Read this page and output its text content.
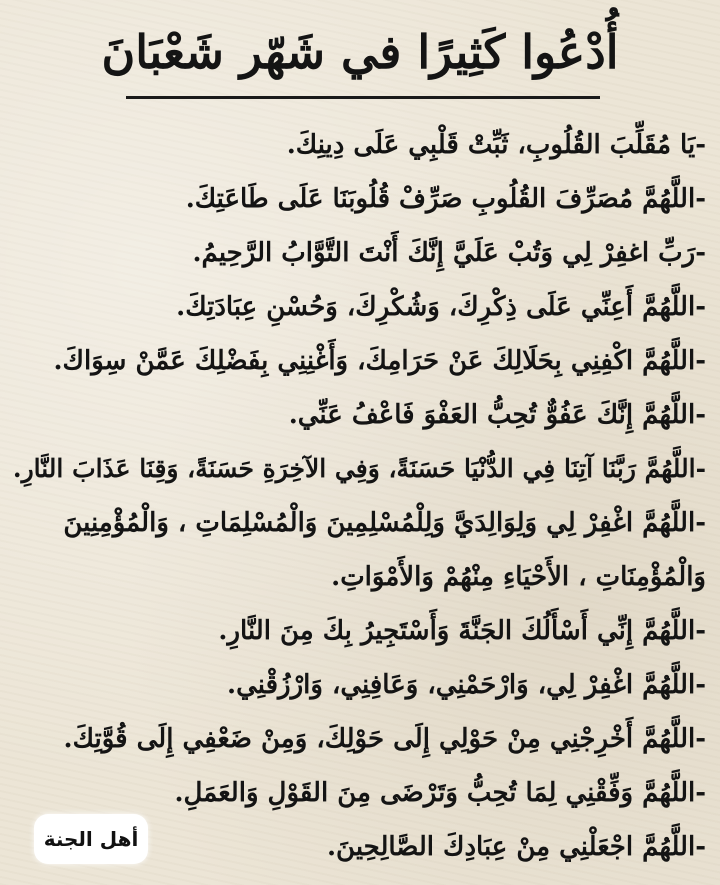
أُدْعُوا كَثِيرًا في شَهّر شَعْبَانَ
-يَا مُقَلِّبَ القُلُوبِ، ثَبِّتْ قَلْبِي عَلَى دِينِكَ.
-اللَّهُمَّ مُصَرِّفَ القُلُوبِ صَرِّفْ قُلُوبَنَا عَلَى طَاعَتِكَ.
-رَبِّ اغفِرْ لِي وَتُبْ عَلَيَّ إِنَّكَ أَنْتَ التَّوَّابُ الرَّحِيمُ.
-اللَّهُمَّ أَعِنِّي عَلَى ذِكْرِكَ، وَشُكْرِكَ، وَحُسْنِ عِبَادَتِكَ.
-اللَّهُمَّ اكْفِنِي بِحَلَالِكَ عَنْ حَرَامِكَ، وَأَغْنِنِي بِفَضْلِكَ عَمَّنْ سِوَاكَ.
-اللَّهُمَّ إِنَّكَ عَفُوٌّ تُحِبُّ العَفْوَ فَاعْفُ عَنِّي.
-اللَّهُمَّ رَبَّنَا آتِنَا فِي الدُّنْيَا حَسَنَةً، وَفِي الآخِرَةِ حَسَنَةً، وَقِنَا عَذَابَ النَّارِ.
-اللَّهُمَّ اغْفِرْ لِي وَلِوَالِدَيَّ وَلِلْمُسْلِمِينَ وَالْمُسْلِمَاتِ ، وَالْمُؤْمِنِينَ
وَالْمُؤْمِنَاتِ ، الأَحْيَاءِ مِنْهُمْ وَالأَمْوَاتِ.
-اللَّهُمَّ إِنِّي أَسْأَلُكَ الجَنَّةَ وَأَسْتَجِيرُ بِكَ مِنَ النَّارِ.
-اللَّهُمَّ اغْفِرْ لِي، وَارْحَمْنِي، وَعَافِنِي، وَارْزُقْنِي.
-اللَّهُمَّ أَخْرِجْنِي مِنْ حَوْلِي إِلَى حَوْلِكَ، وَمِنْ ضَعْفِي إِلَى قُوَّتِكَ.
-اللَّهُمَّ وَفِّقْنِي لِمَا تُحِبُّ وَتَرْضَى مِنَ القَوْلِ وَالعَمَلِ.
-اللَّهُمَّ اجْعَلْنِي مِنْ عِبَادِكَ الصَّالِحِينَ.
أهل الجنة
